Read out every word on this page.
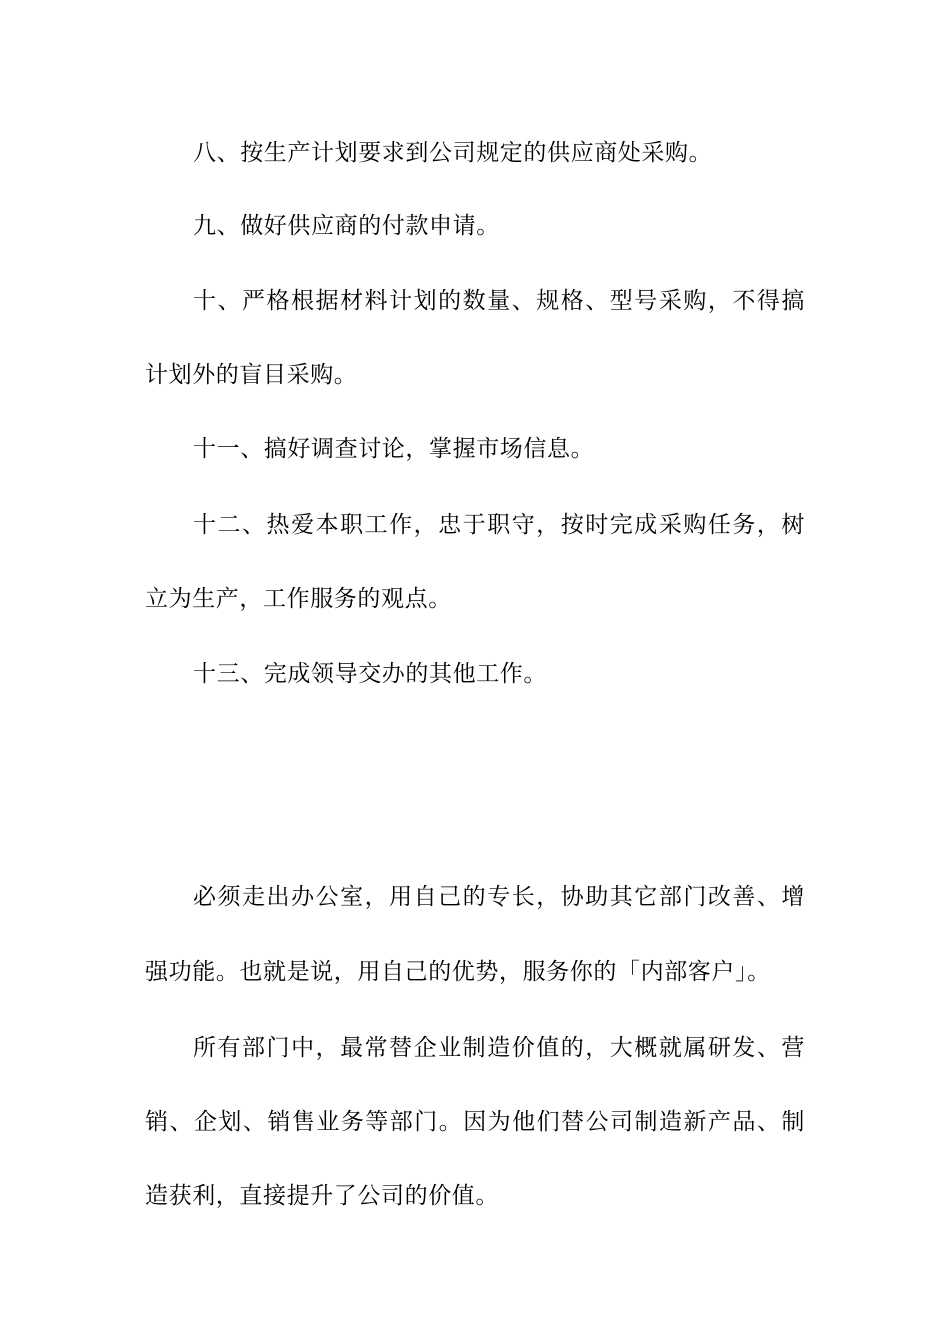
八、按生产计划要求到公司规定的供应商处采购。
九、做好供应商的付款申请。
十、严格根据材料计划的数量、规格、型号采购，不得搞
计划外的盲目采购。
十一、搞好调查讨论，掌握市场信息。
十二、热爱本职工作，忠于职守，按时完成采购任务，树
立为生产，工作服务的观点。
十三、完成领导交办的其他工作。
必须走出办公室，用自己的专长，协助其它部门改善、增
强功能。也就是说，用自己的优势，服务你的「内部客户」。
所有部门中，最常替企业制造价值的，大概就属研发、营
销、企划、销售业务等部门。因为他们替公司制造新产品、制
造获利，直接提升了公司的价值。
